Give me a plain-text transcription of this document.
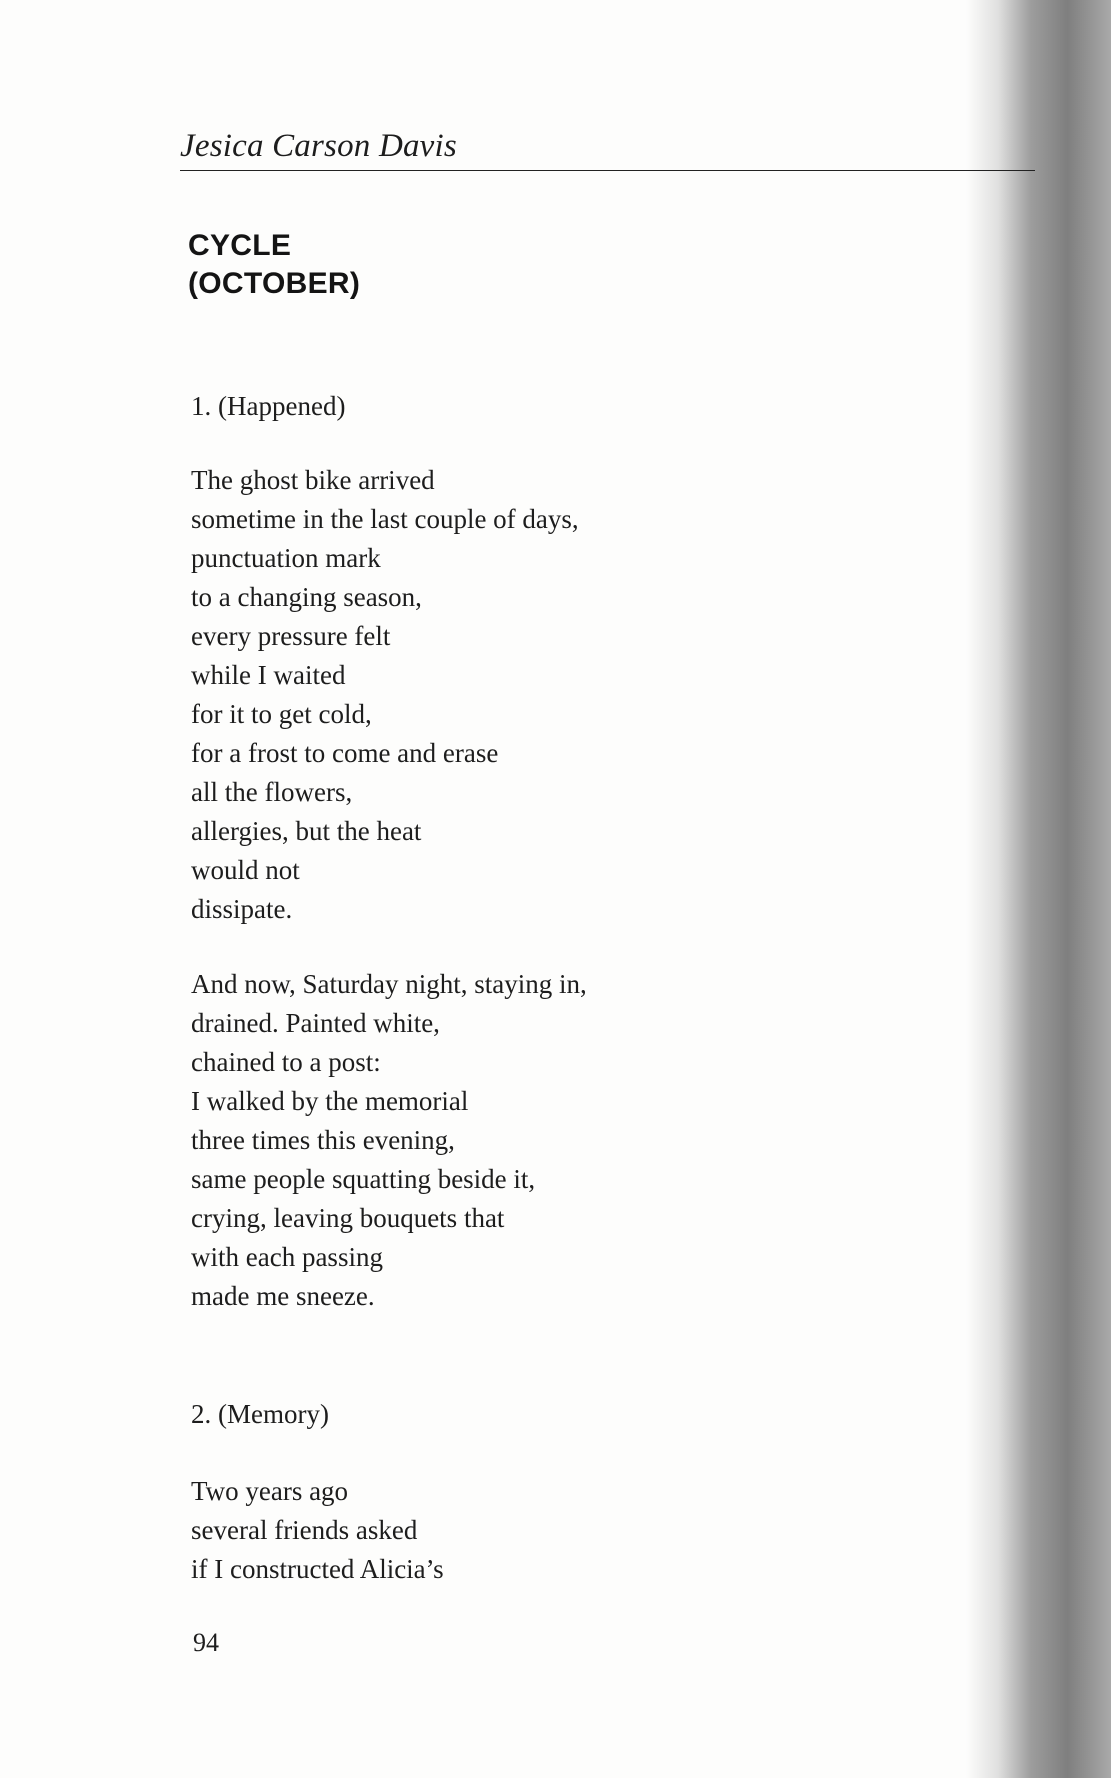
Jesica Carson Davis
CYCLE
(OCTOBER)
1. (Happened)
The ghost bike arrived
sometime in the last couple of days,
punctuation mark
to a changing season,
every pressure felt
while I waited
for it to get cold,
for a frost to come and erase
all the flowers,
allergies, but the heat
would not
dissipate.
And now, Saturday night, staying in,
drained. Painted white,
chained to a post:
I walked by the memorial
three times this evening,
same people squatting beside it,
crying, leaving bouquets that
with each passing
made me sneeze.
2. (Memory)
Two years ago
several friends asked
if I constructed Alicia’s
94
